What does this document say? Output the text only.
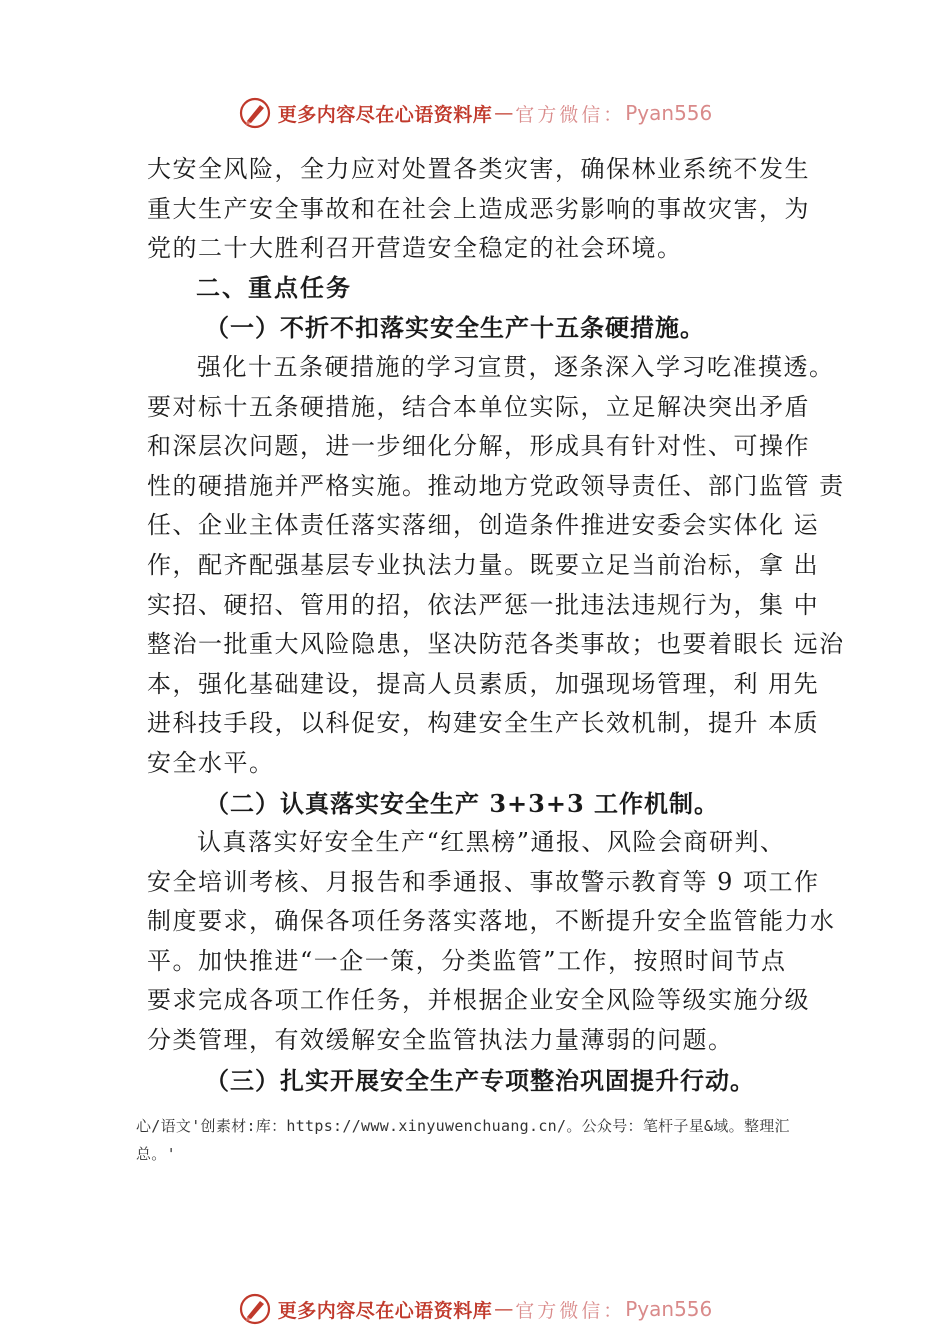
更多内容尽在心语资料库 — 官方微信： Pyan556
大安全风险，全力应对处置各类灾害，确保林业系统不发生
重大生产安全事故和在社会上造成恶劣影响的事故灾害，为
党的二十大胜利召开营造安全稳定的社会环境。
二、重点任务
（一）不折不扣落实安全生产十五条硬措施。
强化十五条硬措施的学习宣贯，逐条深入学习吃准摸透。
要对标十五条硬措施，结合本单位实际，立足解决突出矛盾
和深层次问题，进一步细化分解，形成具有针对性、可操作
性的硬措施并严格实施。推动地方党政领导责任、部门监管 责
任、企业主体责任落实落细，创造条件推进安委会实体化 运
作，配齐配强基层专业执法力量。既要立足当前治标，拿 出
实招、硬招、管用的招，依法严惩一批违法违规行为，集 中
整治一批重大风险隐患，坚决防范各类事故；也要着眼长 远治
本，强化基础建设，提高人员素质，加强现场管理，利 用先
进科技手段，以科促安，构建安全生产长效机制，提升 本质
安全水平。
（二）认真落实安全生产 3+3+3 工作机制。
认真落实好安全生产“红黑榜”通报、风险会商研判、
安全培训考核、月报告和季通报、事故警示教育等 9 项工作
制度要求，确保各项任务落实落地，不断提升安全监管能力水
平。加快推进“一企一策，分类监管”工作，按照时间节点
要求完成各项工作任务，并根据企业安全风险等级实施分级
分类管理，有效缓解安全监管执法力量薄弱的问题。
（三）扎实开展安全生产专项整治巩固提升行动。
心/语文'创素材:库：https://www.xinyuwenchuang.cn/。公众号：笔杆子星&域。整理汇总。'
更多内容尽在心语资料库 — 官方微信： Pyan556
